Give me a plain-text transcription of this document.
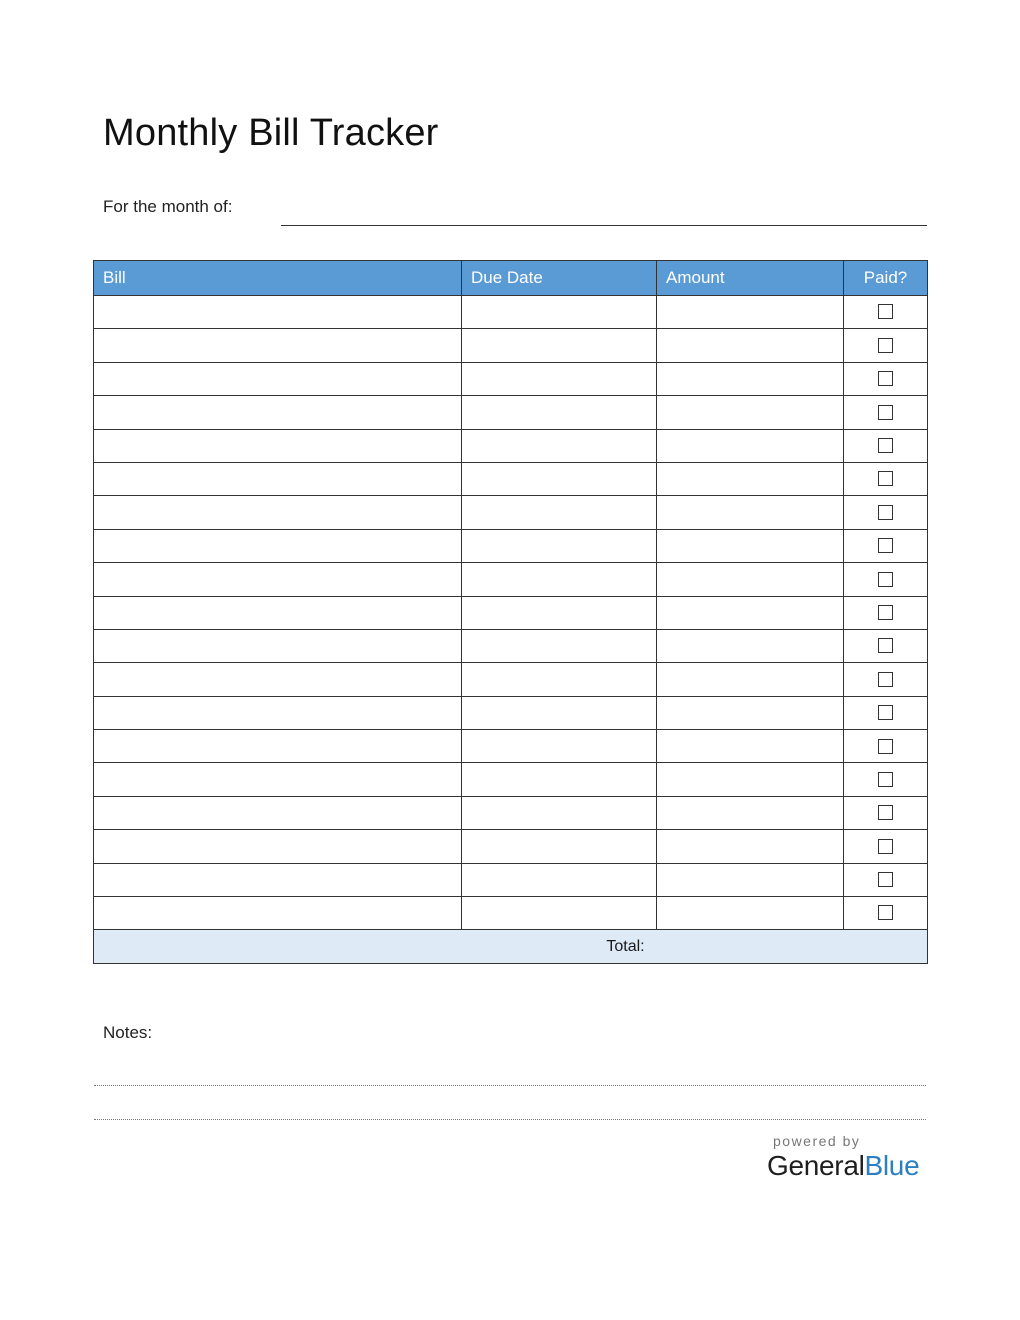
Monthly Bill Tracker
For the month of:
Bill	Due Date	Amount	Paid?

Total:			
Notes:
powered by
GeneralBlue
